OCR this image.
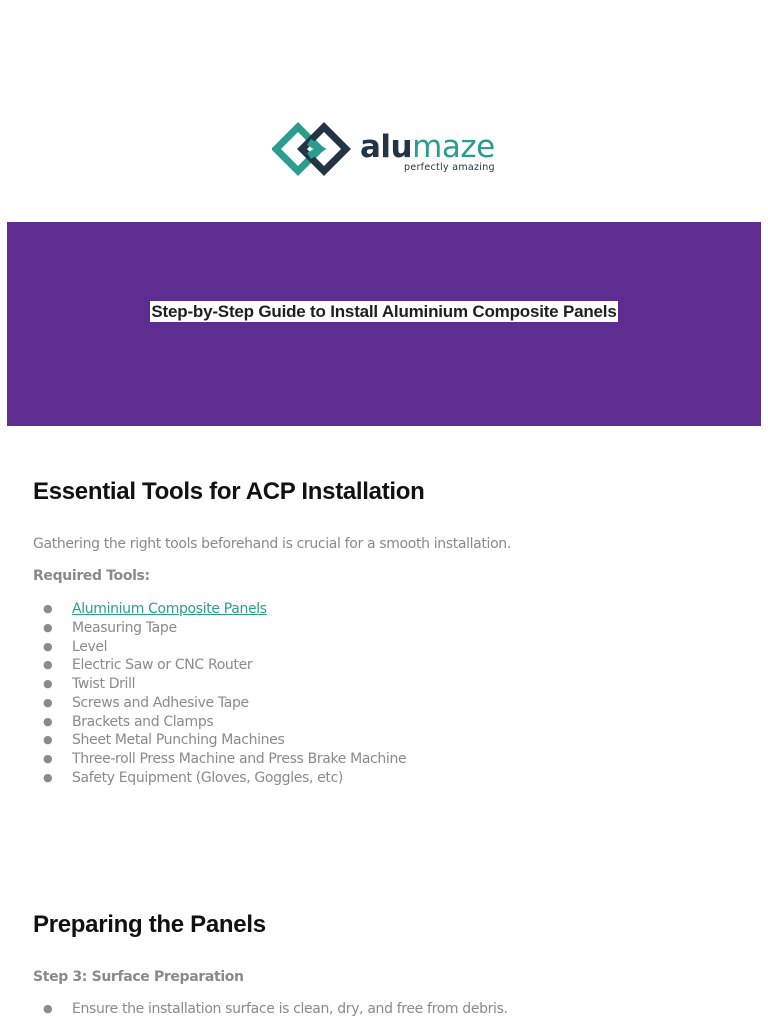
alumaze
perfectly amazing
Step-by-Step Guide to Install Aluminium Composite Panels
Essential Tools for ACP Installation

Gathering the right tools beforehand is crucial for a smooth installation.

Required Tools:

● Aluminium Composite Panels
● Measuring Tape
● Level
● Electric Saw or CNC Router
● Twist Drill
● Screws and Adhesive Tape
● Brackets and Clamps
● Sheet Metal Punching Machines
● Three-roll Press Machine and Press Brake Machine
● Safety Equipment (Gloves, Goggles, etc)
Preparing the Panels

Step 3: Surface Preparation

● Ensure the installation surface is clean, dry, and free from debris.
